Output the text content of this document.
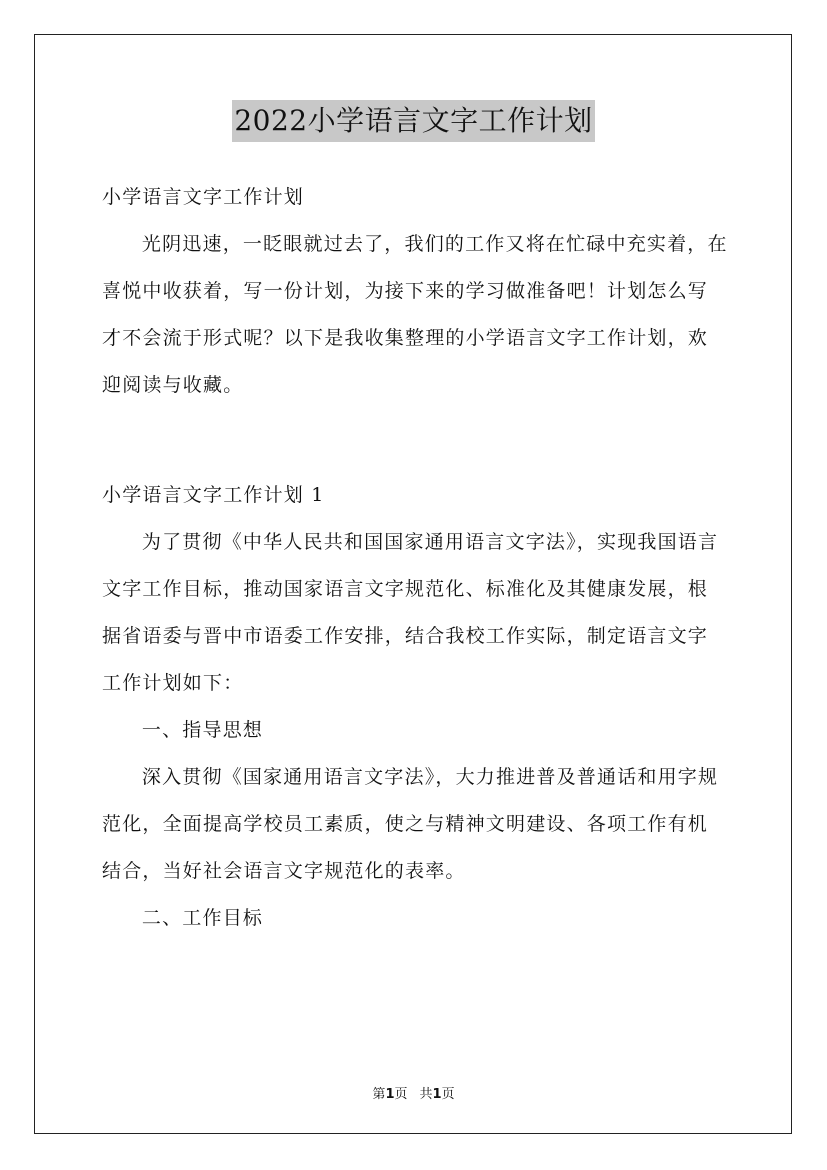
2022小学语言文字工作计划

小学语言文字工作计划

光阴迅速，一眨眼就过去了，我们的工作又将在忙碌中充实着，在喜悦中收获着，写一份计划，为接下来的学习做准备吧！计划怎么写才不会流于形式呢？以下是我收集整理的小学语言文字工作计划，欢迎阅读与收藏。

小学语言文字工作计划 1

为了贯彻《中华人民共和国国家通用语言文字法》，实现我国语言文字工作目标，推动国家语言文字规范化、标准化及其健康发展，根据省语委与晋中市语委工作安排，结合我校工作实际，制定语言文字工作计划如下：

一、指导思想

深入贯彻《国家通用语言文字法》，大力推进普及普通话和用字规范化，全面提高学校员工素质，使之与精神文明建设、各项工作有机结合，当好社会语言文字规范化的表率。

二、工作目标

第1页 共1页
